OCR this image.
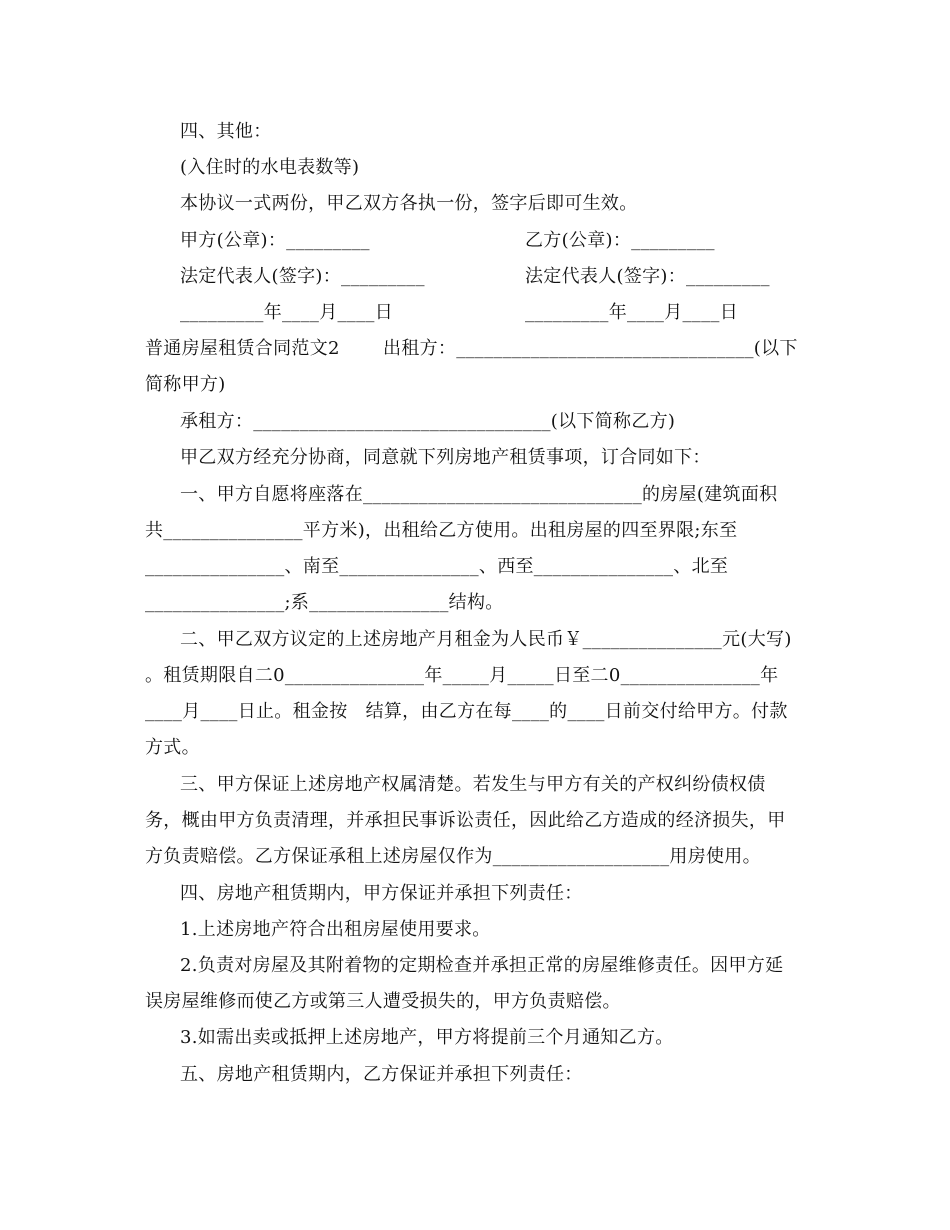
四、其他：
(入住时的水电表数等)
本协议一式两份，甲乙双方各执一份，签字后即可生效。
甲方(公章)：_________	乙方(公章)：_________
法定代表人(签字)：_________	法定代表人(签字)：_________
_________年____月____日	_________年____月____日
普通房屋租赁合同范文2 出租方：________________________________(以下
简称甲方)
承租方：________________________________(以下简称乙方)
甲乙双方经充分协商，同意就下列房地产租赁事项，订合同如下：
一、甲方自愿将座落在______________________________的房屋(建筑面积
共_______________平方米)，出租给乙方使用。出租房屋的四至界限;东至
_______________、南至_______________、西至_______________、北至
_______________;系_______________结构。
二、甲乙双方议定的上述房地产月租金为人民币￥_______________元(大写)
。租赁期限自二0_______________年_____月_____日至二0_______________年
____月____日止。租金按   结算，由乙方在每____的____日前交付给甲方。付款
方式。
三、甲方保证上述房地产权属清楚。若发生与甲方有关的产权纠纷债权债
务，概由甲方负责清理，并承担民事诉讼责任，因此给乙方造成的经济损失，甲
方负责赔偿。乙方保证承租上述房屋仅作为___________________用房使用。
四、房地产租赁期内，甲方保证并承担下列责任：
1.上述房地产符合出租房屋使用要求。
2.负责对房屋及其附着物的定期检查并承担正常的房屋维修责任。因甲方延
误房屋维修而使乙方或第三人遭受损失的，甲方负责赔偿。
3.如需出卖或抵押上述房地产，甲方将提前三个月通知乙方。
五、房地产租赁期内，乙方保证并承担下列责任：
